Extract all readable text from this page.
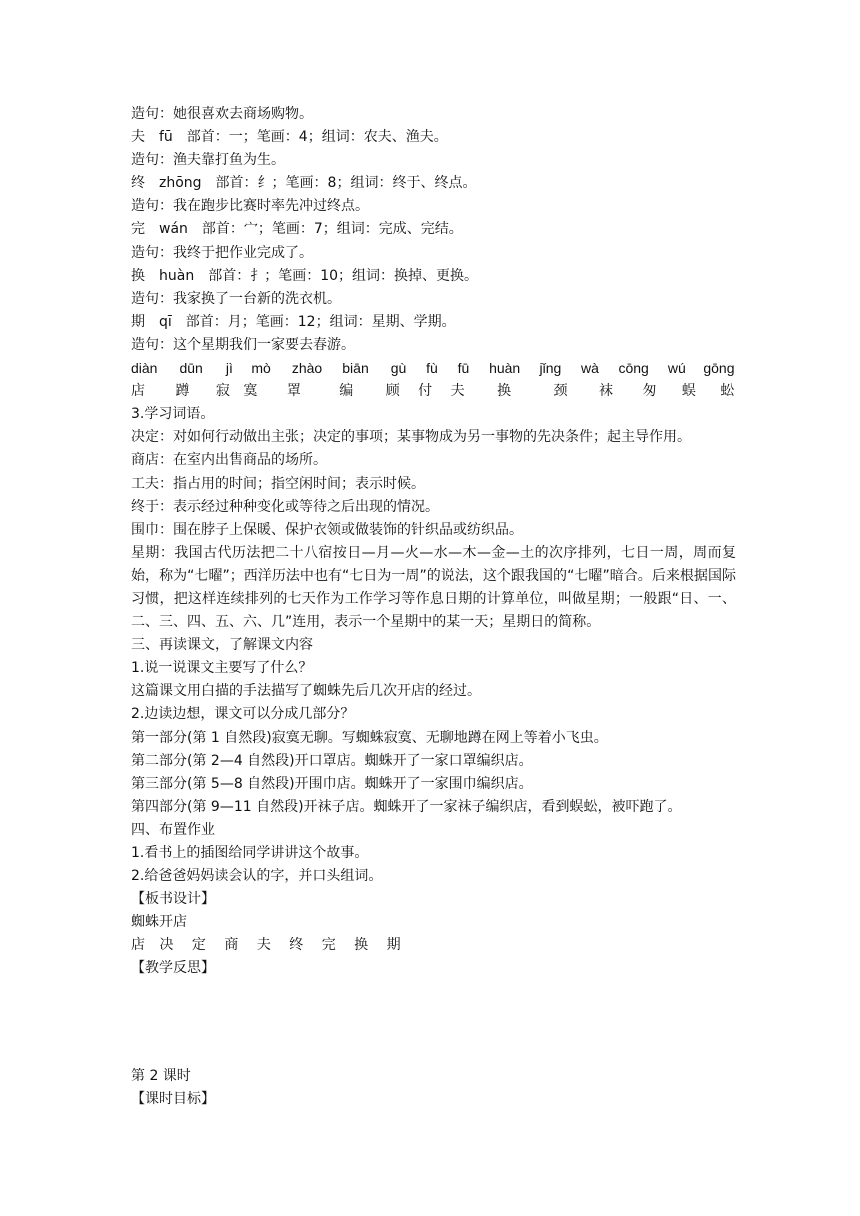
造句：她很喜欢去商场购物。
夫　fū　部首：一；笔画：4；组词：农夫、渔夫。
造句：渔夫靠打鱼为生。
终　zhōng　部首：纟；笔画：8；组词：终于、终点。
造句：我在跑步比赛时率先冲过终点。
完　wán　部首：宀；笔画：7；组词：完成、完结。
造句：我终于把作业完成了。
换　huàn　部首：扌；笔画：10；组词：换掉、更换。
造句：我家换了一台新的洗衣机。
期　qī　部首：月；笔画：12；组词：星期、学期。
造句：这个星期我们一家要去春游。
diàn dūn jì mò zhào biān gù fù fū huàn jǐng wà cōng wú gōng
店 蹲 寂 寞 罩	编 顾 付 夫 换	颈 袜 匆 蜈 蚣
3.学习词语。
决定：对如何行动做出主张；决定的事项；某事物成为另一事物的先决条件；起主导作用。
商店：在室内出售商品的场所。
工夫：指占用的时间；指空闲时间；表示时候。
终于：表示经过种种变化或等待之后出现的情况。
围巾：围在脖子上保暖、保护衣领或做装饰的针织品或纺织品。
星期：我国古代历法把二十八宿按日—月—火—水—木—金—土的次序排列，七日一周，周而复始，称为“七曜”；西洋历法中也有“七日为一周”的说法，这个跟我国的“七曜”暗合。后来根据国际习惯，把这样连续排列的七天作为工作学习等作息日期的计算单位，叫做星期；一般跟“日、一、二、三、四、五、六、几”连用，表示一个星期中的某一天；星期日的简称。
三、再读课文，了解课文内容
1.说一说课文主要写了什么？
这篇课文用白描的手法描写了蜘蛛先后几次开店的经过。
2.边读边想，课文可以分成几部分？
第一部分(第 1 自然段)寂寞无聊。写蜘蛛寂寞、无聊地蹲在网上等着小飞虫。
第二部分(第 2—4 自然段)开口罩店。蜘蛛开了一家口罩编织店。
第三部分(第 5—8 自然段)开围巾店。蜘蛛开了一家围巾编织店。
第四部分(第 9—11 自然段)开袜子店。蜘蛛开了一家袜子编织店，看到蜈蚣，被吓跑了。
四、布置作业
1.看书上的插图给同学讲讲这个故事。
2.给爸爸妈妈读会认的字，并口头组词。
【板书设计】
蜘蛛开店
店 决 定 商 夫 终 完 换 期
【教学反思】
第 2 课时
【课时目标】
